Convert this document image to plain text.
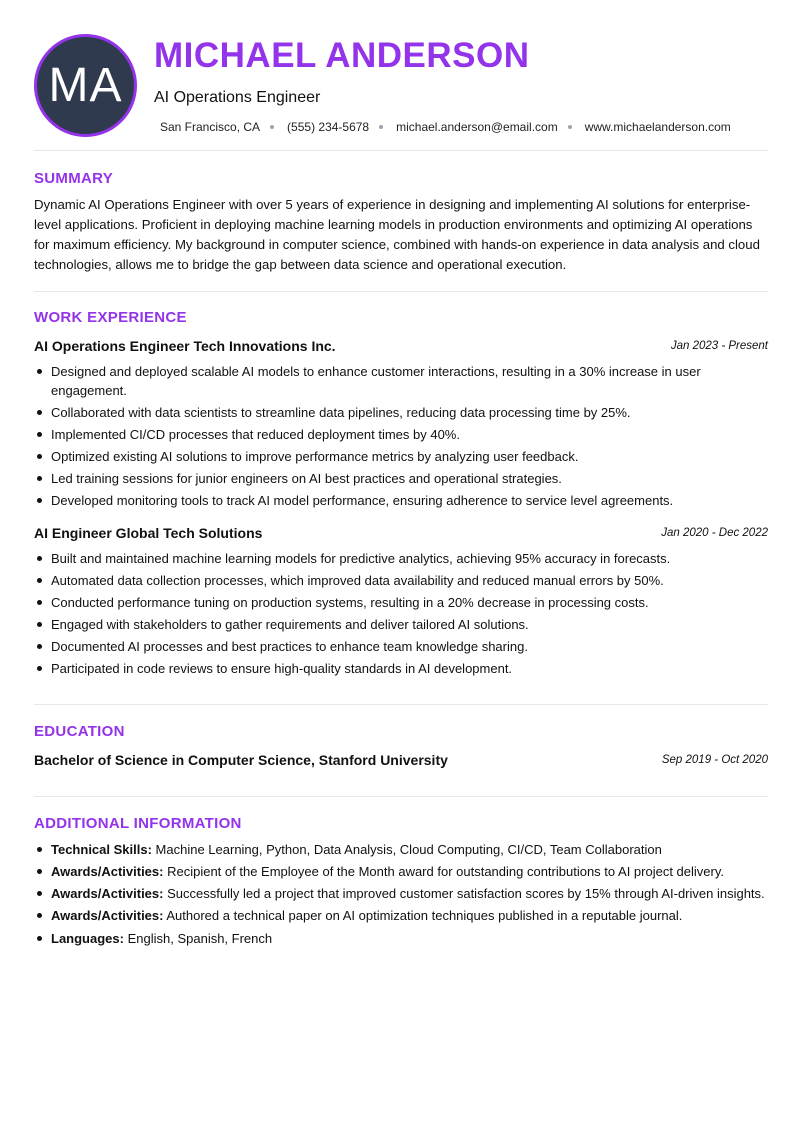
MA
MICHAEL ANDERSON
AI Operations Engineer
San Francisco, CA (555) 234-5678 michael.anderson@email.com www.michaelanderson.com
SUMMARY
Dynamic AI Operations Engineer with over 5 years of experience in designing and implementing AI solutions for enterprise-level applications. Proficient in deploying machine learning models in production environments and optimizing AI operations for maximum efficiency. My background in computer science, combined with hands-on experience in data analysis and cloud technologies, allows me to bridge the gap between data science and operational execution.
WORK EXPERIENCE
AI Operations Engineer Tech Innovations Inc.	Jan 2023 - Present
Designed and deployed scalable AI models to enhance customer interactions, resulting in a 30% increase in user engagement.
Collaborated with data scientists to streamline data pipelines, reducing data processing time by 25%.
Implemented CI/CD processes that reduced deployment times by 40%.
Optimized existing AI solutions to improve performance metrics by analyzing user feedback.
Led training sessions for junior engineers on AI best practices and operational strategies.
Developed monitoring tools to track AI model performance, ensuring adherence to service level agreements.
AI Engineer Global Tech Solutions	Jan 2020 - Dec 2022
Built and maintained machine learning models for predictive analytics, achieving 95% accuracy in forecasts.
Automated data collection processes, which improved data availability and reduced manual errors by 50%.
Conducted performance tuning on production systems, resulting in a 20% decrease in processing costs.
Engaged with stakeholders to gather requirements and deliver tailored AI solutions.
Documented AI processes and best practices to enhance team knowledge sharing.
Participated in code reviews to ensure high-quality standards in AI development.
EDUCATION
Bachelor of Science in Computer Science, Stanford University	Sep 2019 - Oct 2020
ADDITIONAL INFORMATION
Technical Skills: Machine Learning, Python, Data Analysis, Cloud Computing, CI/CD, Team Collaboration
Awards/Activities: Recipient of the Employee of the Month award for outstanding contributions to AI project delivery.
Awards/Activities: Successfully led a project that improved customer satisfaction scores by 15% through AI-driven insights.
Awards/Activities: Authored a technical paper on AI optimization techniques published in a reputable journal.
Languages: English, Spanish, French
